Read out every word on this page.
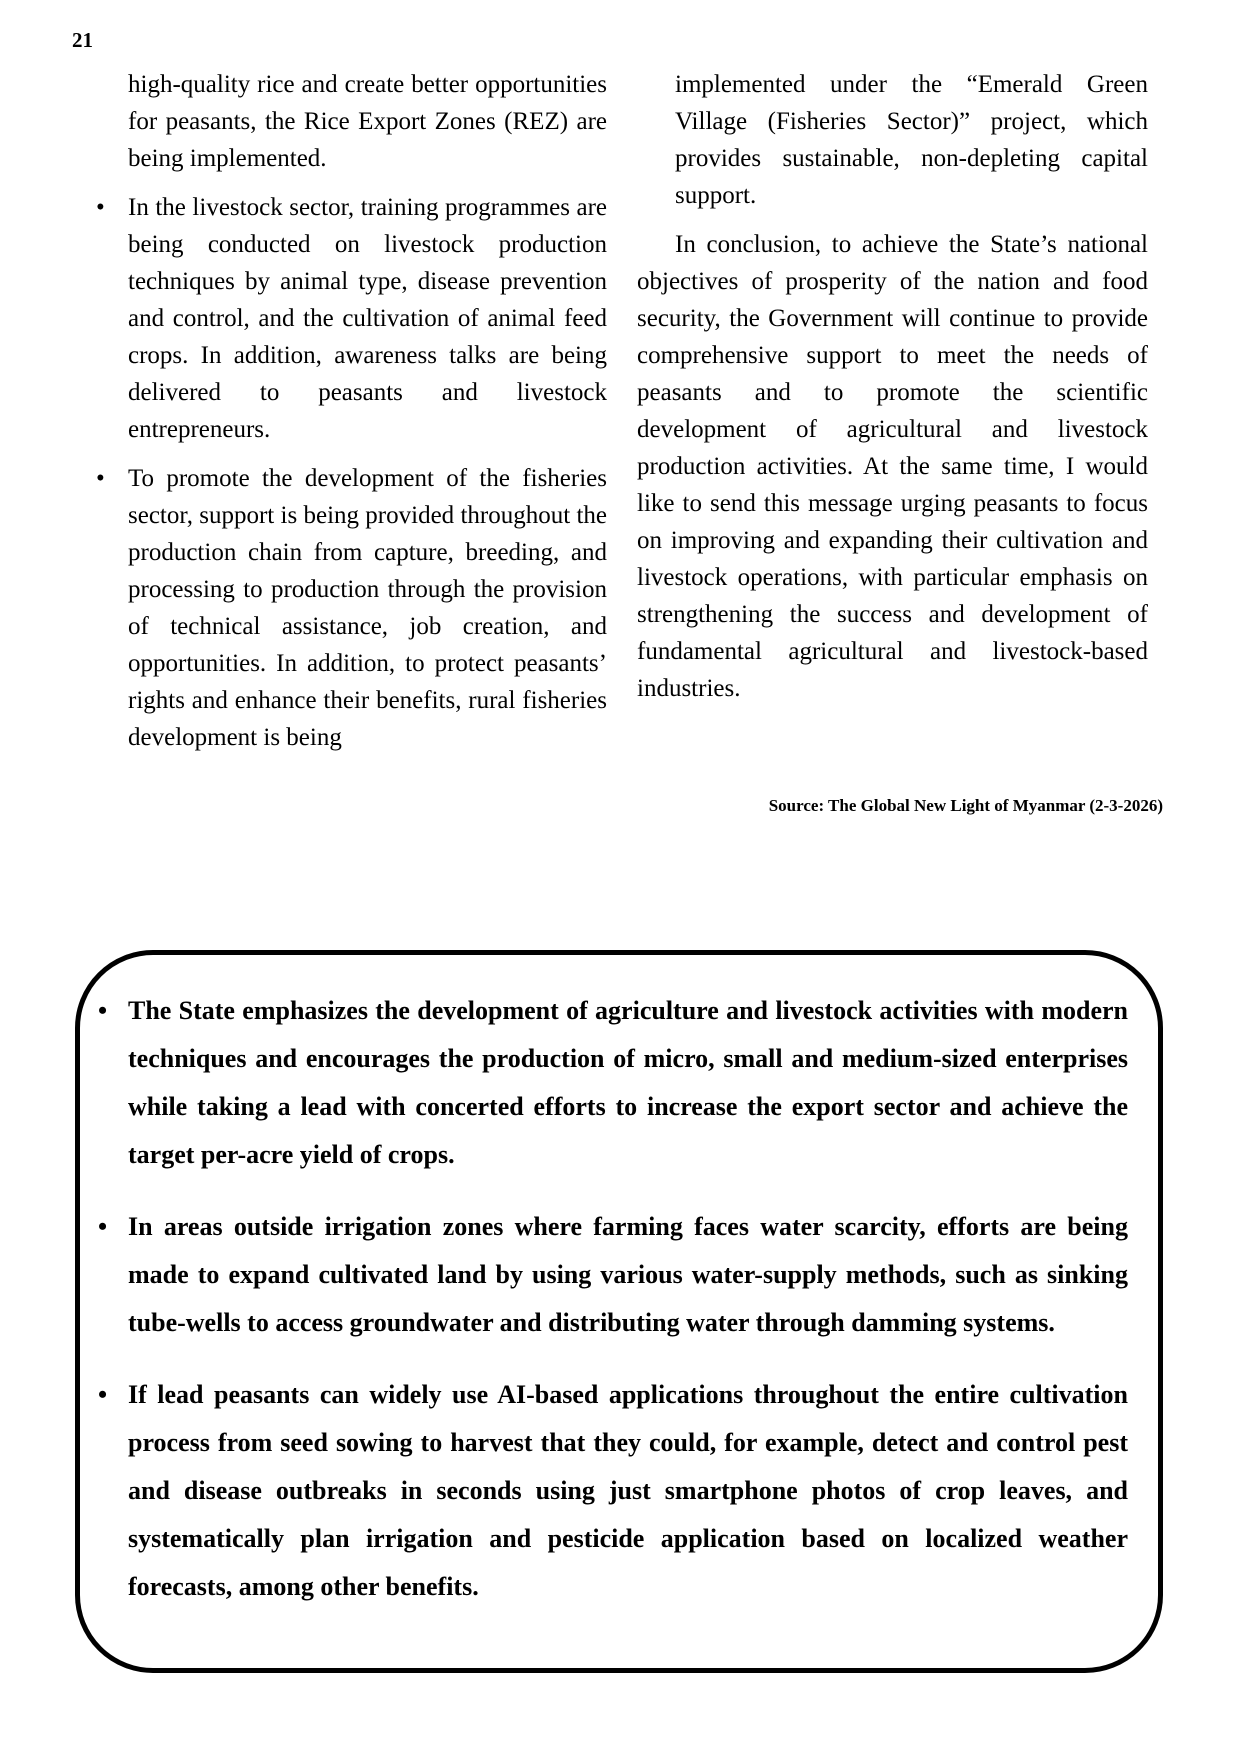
21

high-quality rice and create better opportunities for peasants, the Rice Export Zones (REZ) are being implemented.

• In the livestock sector, training programmes are being conducted on livestock production techniques by animal type, disease prevention and control, and the cultivation of animal feed crops. In addition, awareness talks are being delivered to peasants and livestock entrepreneurs.
• To promote the development of the fisheries sector, support is being provided throughout the production chain from capture, breeding, and processing to production through the provision of technical assistance, job creation, and opportunities. In addition, to protect peasants’ rights and enhance their benefits, rural fisheries development is being

implemented under the “Emerald Green Village (Fisheries Sector)” project, which provides sustainable, non-depleting capital support.

In conclusion, to achieve the State’s national objectives of prosperity of the nation and food security, the Government will continue to provide comprehensive support to meet the needs of peasants and to promote the scientific development of agricultural and livestock production activities. At the same time, I would like to send this message urging peasants to focus on improving and expanding their cultivation and livestock operations, with particular emphasis on strengthening the success and development of fundamental agricultural and livestock-based industries.

Source: The Global New Light of Myanmar (2-3-2026)

• The State emphasizes the development of agriculture and livestock activities with modern techniques and encourages the production of micro, small and medium-sized enterprises while taking a lead with concerted efforts to increase the export sector and achieve the target per-acre yield of crops.
• In areas outside irrigation zones where farming faces water scarcity, efforts are being made to expand cultivated land by using various water-supply methods, such as sinking tube-wells to access groundwater and distributing water through damming systems.
• If lead peasants can widely use AI-based applications throughout the entire cultivation process from seed sowing to harvest that they could, for example, detect and control pest and disease outbreaks in seconds using just smartphone photos of crop leaves, and systematically plan irrigation and pesticide application based on localized weather forecasts, among other benefits.
